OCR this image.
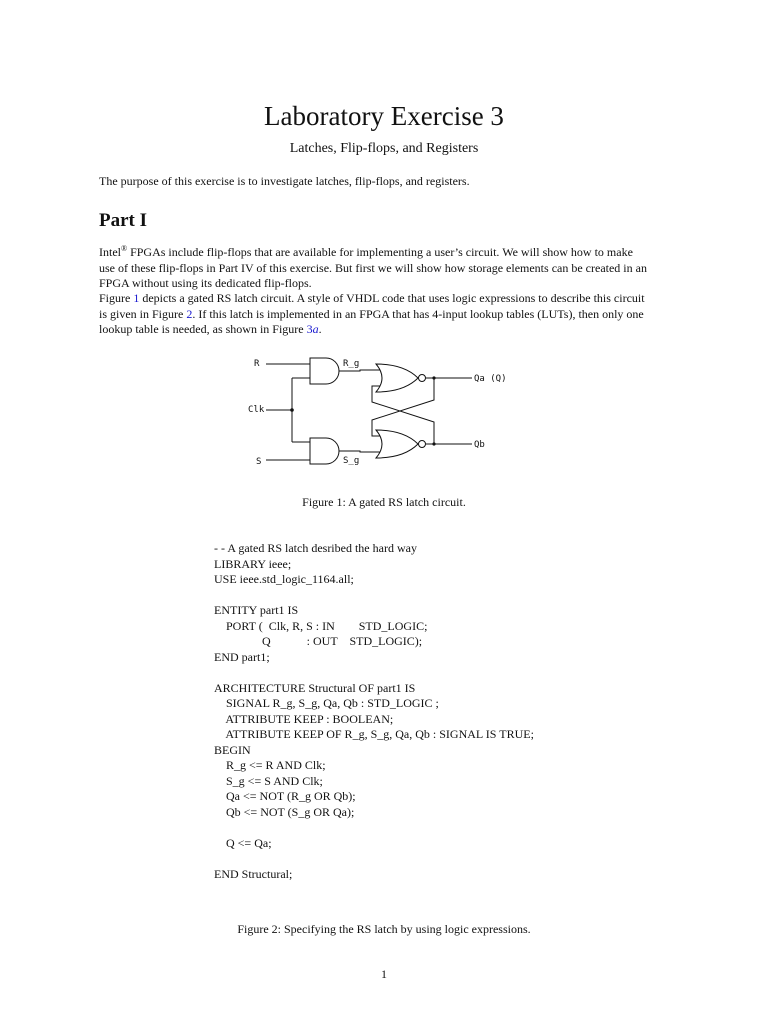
Laboratory Exercise 3
Latches, Flip-flops, and Registers
The purpose of this exercise is to investigate latches, flip-flops, and registers.
Part I
Intel® FPGAs include flip-flops that are available for implementing a user’s circuit. We will show how to make
use of these flip-flops in Part IV of this exercise. But first we will show how storage elements can be created in an
FPGA without using its dedicated flip-flops.
Figure 1 depicts a gated RS latch circuit. A style of VHDL code that uses logic expressions to describe this circuit
is given in Figure 2. If this latch is implemented in an FPGA that has 4-input lookup tables (LUTs), then only one
lookup table is needed, as shown in Figure 3a.
R
Clk
S
R_g
S_g
Qa (Q)
Qb
Figure 1: A gated RS latch circuit.
- - A gated RS latch desribed the hard way
LIBRARY ieee;
USE ieee.std_logic_1164.all;
ENTITY part1 IS
PORT (  Clk, R, S : IN        STD_LOGIC;
Q            : OUT    STD_LOGIC);
END part1;
ARCHITECTURE Structural OF part1 IS
SIGNAL R_g, S_g, Qa, Qb : STD_LOGIC ;
ATTRIBUTE KEEP : BOOLEAN;
ATTRIBUTE KEEP OF R_g, S_g, Qa, Qb : SIGNAL IS TRUE;
BEGIN
R_g <= R AND Clk;
S_g <= S AND Clk;
Qa <= NOT (R_g OR Qb);
Qb <= NOT (S_g OR Qa);
Q <= Qa;
END Structural;
Figure 2: Specifying the RS latch by using logic expressions.
1
